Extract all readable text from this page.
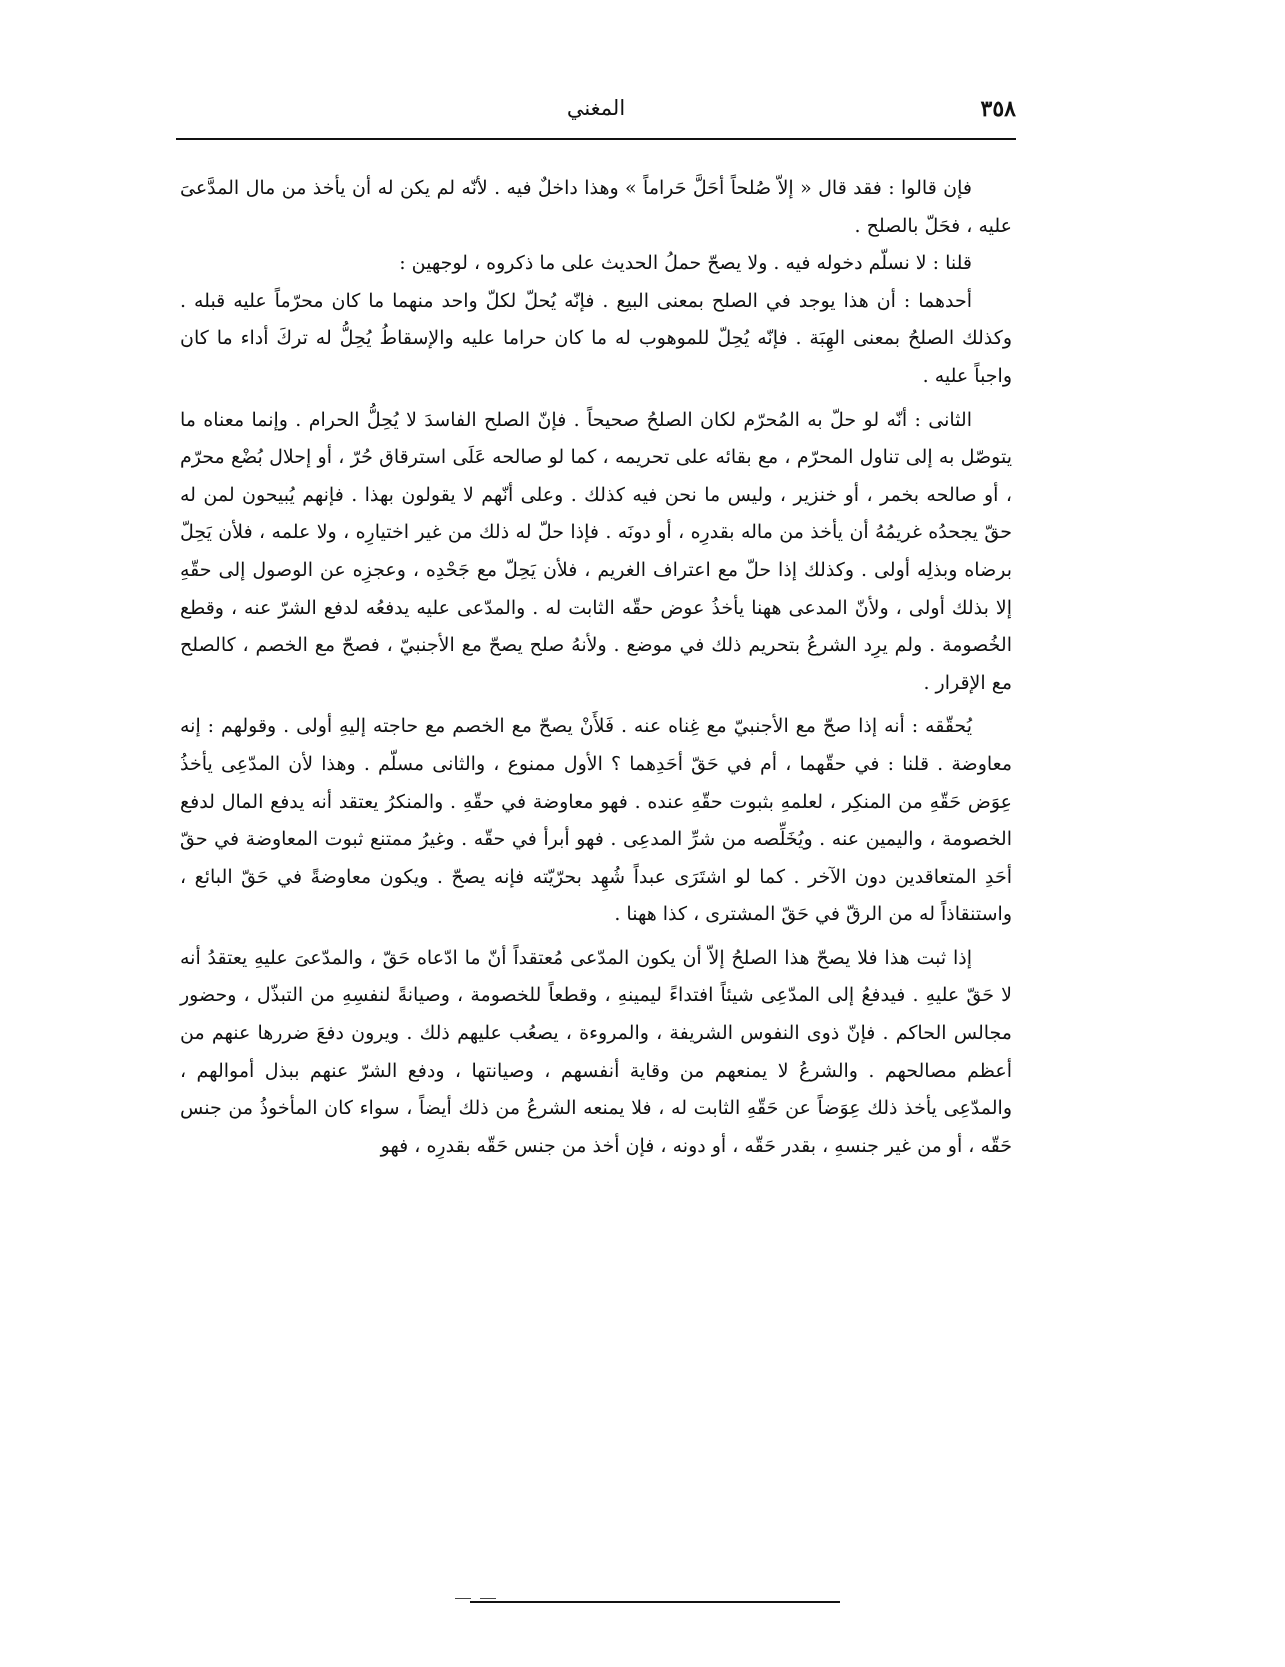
٣٥٨
المغني

فإن قالوا : فقد قال « إلاّ صُلحاً أحَلَّ حَراماً » وهذا داخلٌ فيه . لأنّه لم يكن له أن يأخذ من مال المدَّعىَ عليه ، فحَلّ بالصلح .

قلنا : لا نسلّم دخوله فيه . ولا يصحّ حملُ الحديث على ما ذكروه ، لوجهين :

أحدهما : أن هذا يوجد في الصلح بمعنى البيع . فإنّه يُحلّ لكلّ واحد منهما ما كان محرّماً عليه قبله . وكذلك الصلحُ بمعنى الهِبَة . فإنّه يُحِلّ للموهوب له ما كان حراما عليه والإسقاطُ يُحِلُّ له تركَ أداء ما كان واجباً عليه .

الثانى : أنّه لو حلّ به المُحرّم لكان الصلحُ صحيحاً . فإنّ الصلح الفاسدَ لا يُحِلُّ الحرام . وإنما معناه ما يتوصّل به إلى تناول المحرّم ، مع بقائه على تحريمه ، كما لو صالحه عَلَى استرقاق حُرّ ، أو إحلال بُضْع محرّم ، أو صالحه بخمر ، أو خنزير ، وليس ما نحن فيه كذلك . وعلى أنّهم لا يقولون بهذا . فإنهم يُبيحون لمن له حقّ يجحدُه غريمُهُ أن يأخذ من ماله بقدرِه ، أو دونَه . فإذا حلّ له ذلك من غير اختيارِه ، ولا علمه ، فلأن يَحِلّ برضاه وبذلِه أولى . وكذلك إذا حلّ مع اعتراف الغريم ، فلأن يَحِلّ مع جَحْدِه ، وعجزِه عن الوصول إلى حقّهِ إلا بذلك أولى ، ولأنّ المدعى ههنا يأخذُ عوض حقّه الثابت له . والمدّعى عليه يدفعُه لدفع الشرّ عنه ، وقطع الخُصومة . ولم يرِد الشرعُ بتحريم ذلك في موضع . ولأنهُ صلح يصحّ مع الأجنبيّ ، فصحّ مع الخصم ، كالصلح مع الإقرار .

يُحقّقه : أنه إذا صحّ مع الأجنبيّ مع غِناه عنه . فَلأَنْ يصحّ مع الخصم مع حاجته إليهِ أولى . وقولهم : إنه معاوضة . قلنا : في حقّهما ، أم في حَقّ أحَدِهما ؟ الأول ممنوع ، والثانى مسلّم . وهذا لأن المدّعِى يأخذُ عِوَض حَقّهِ من المنكِر ، لعلمهِ بثبوت حقّهِ عنده . فهو معاوضة في حقّهِ . والمنكرُ يعتقد أنه يدفع المال لدفع الخصومة ، واليمين عنه . ويُخَلِّصه من شرِّ المدعِى . فهو أبرأ في حقّه . وغيرُ ممتنع ثبوت المعاوضة في حقّ أحَدِ المتعاقدين دون الآخر . كما لو اشتَرَى عبداً شُهِد بحرّيّته فإنه يصحّ . ويكون معاوضةً في حَقّ البائع ، واستنقاذاً له من الرقّ في حَقّ المشترى ، كذا ههنا .

إذا ثبت هذا فلا يصحّ هذا الصلحُ إلاّ أن يكون المدّعى مُعتقداً أنّ ما ادّعاه حَقّ ، والمدّعىَ عليهِ يعتقدُ أنه لا حَقّ عليهِ . فيدفعُ إلى المدّعِى شيئاً افتداءً ليمينهِ ، وقطعاً للخصومة ، وصيانةً لنفسِهِ من التبذّل ، وحضور مجالس الحاكم . فإنّ ذوى النفوس الشريفة ، والمروءة ، يصعُب عليهم ذلك . ويرون دفعَ ضررها عنهم من أعظم مصالحهم . والشرعُ لا يمنعهم من وقاية أنفسهم ، وصيانتها ، ودفع الشرّ عنهم ببذل أموالهم ، والمدّعِى يأخذ ذلك عِوَضاً عن حَقّهِ الثابت له ، فلا يمنعه الشرعُ من ذلك أيضاً ، سواء كان المأخوذُ من جنس حَقّه ، أو من غير جنسهِ ، بقدر حَقّه ، أو دونه ، فإن أخذ من جنس حَقّه بقدرِه ، فهو
